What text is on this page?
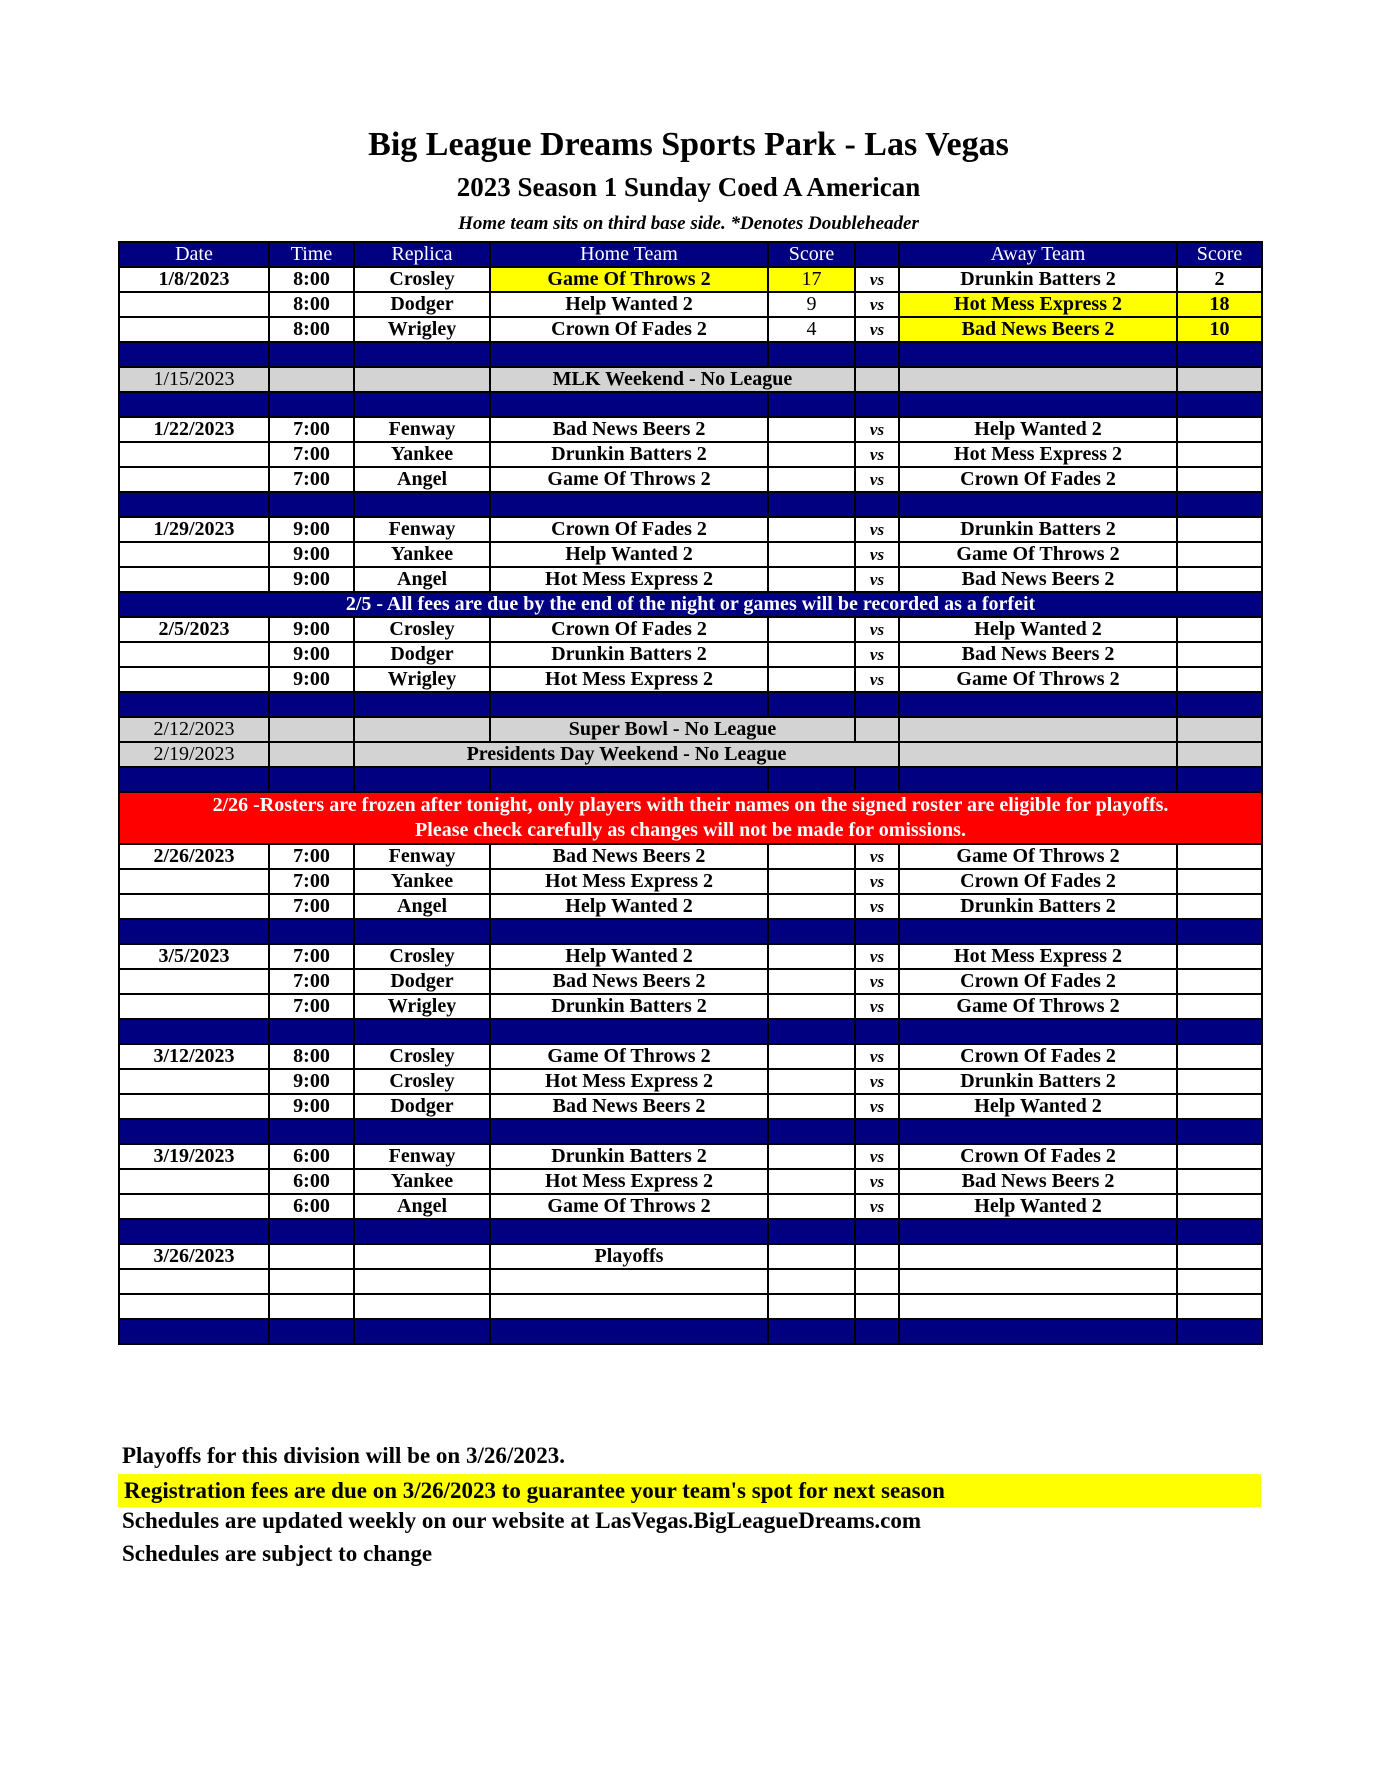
Big League Dreams Sports Park - Las Vegas
2023 Season 1 Sunday Coed A American
Home team sits on third base side. *Denotes Doubleheader
Date	Time	Replica	Home Team	Score		Away Team	Score
1/8/2023	8:00	Crosley	Game Of Throws 2	17	vs	Drunkin Batters 2	2
	8:00	Dodger	Help Wanted 2	9	vs	Hot Mess Express 2	18
	8:00	Wrigley	Crown Of Fades 2	4	vs	Bad News Beers 2	10

1/15/2023			MLK Weekend - No League				

1/22/2023	7:00	Fenway	Bad News Beers 2		vs	Help Wanted 2	
	7:00	Yankee	Drunkin Batters 2		vs	Hot Mess Express 2	
	7:00	Angel	Game Of Throws 2		vs	Crown Of Fades 2	

1/29/2023	9:00	Fenway	Crown Of Fades 2		vs	Drunkin Batters 2	
	9:00	Yankee	Help Wanted 2		vs	Game Of Throws 2	
	9:00	Angel	Hot Mess Express 2		vs	Bad News Beers 2	
2/5 - All fees are due by the end of the night or games will be recorded as a forfeit							
2/5/2023	9:00	Crosley	Crown Of Fades 2		vs	Help Wanted 2	
	9:00	Dodger	Drunkin Batters 2		vs	Bad News Beers 2	
	9:00	Wrigley	Hot Mess Express 2		vs	Game Of Throws 2	

2/12/2023			Super Bowl - No League				
2/19/2023		Presidents Day Weekend - No League					

2/26 -Rosters are frozen after tonight, only players with their names on the signed roster are eligible for playoffs.
Please check carefully as changes will not be made for omissions.							

2/26/2023	7:00	Fenway	Bad News Beers 2		vs	Game Of Throws 2	
	7:00	Yankee	Hot Mess Express 2		vs	Crown Of Fades 2	
	7:00	Angel	Help Wanted 2		vs	Drunkin Batters 2	

3/5/2023	7:00	Crosley	Help Wanted 2		vs	Hot Mess Express 2	
	7:00	Dodger	Bad News Beers 2		vs	Crown Of Fades 2	
	7:00	Wrigley	Drunkin Batters 2		vs	Game Of Throws 2	

3/12/2023	8:00	Crosley	Game Of Throws 2		vs	Crown Of Fades 2	
	9:00	Crosley	Hot Mess Express 2		vs	Drunkin Batters 2	
	9:00	Dodger	Bad News Beers 2		vs	Help Wanted 2	

3/19/2023	6:00	Fenway	Drunkin Batters 2		vs	Crown Of Fades 2	
	6:00	Yankee	Hot Mess Express 2		vs	Bad News Beers 2	
	6:00	Angel	Game Of Throws 2		vs	Help Wanted 2	

3/26/2023			Playoffs				

Playoffs for this division will be on 3/26/2023.
Registration fees are due on 3/26/2023 to guarantee your team's spot for next season
Schedules are updated weekly on our website at LasVegas.BigLeagueDreams.com
Schedules are subject to change
